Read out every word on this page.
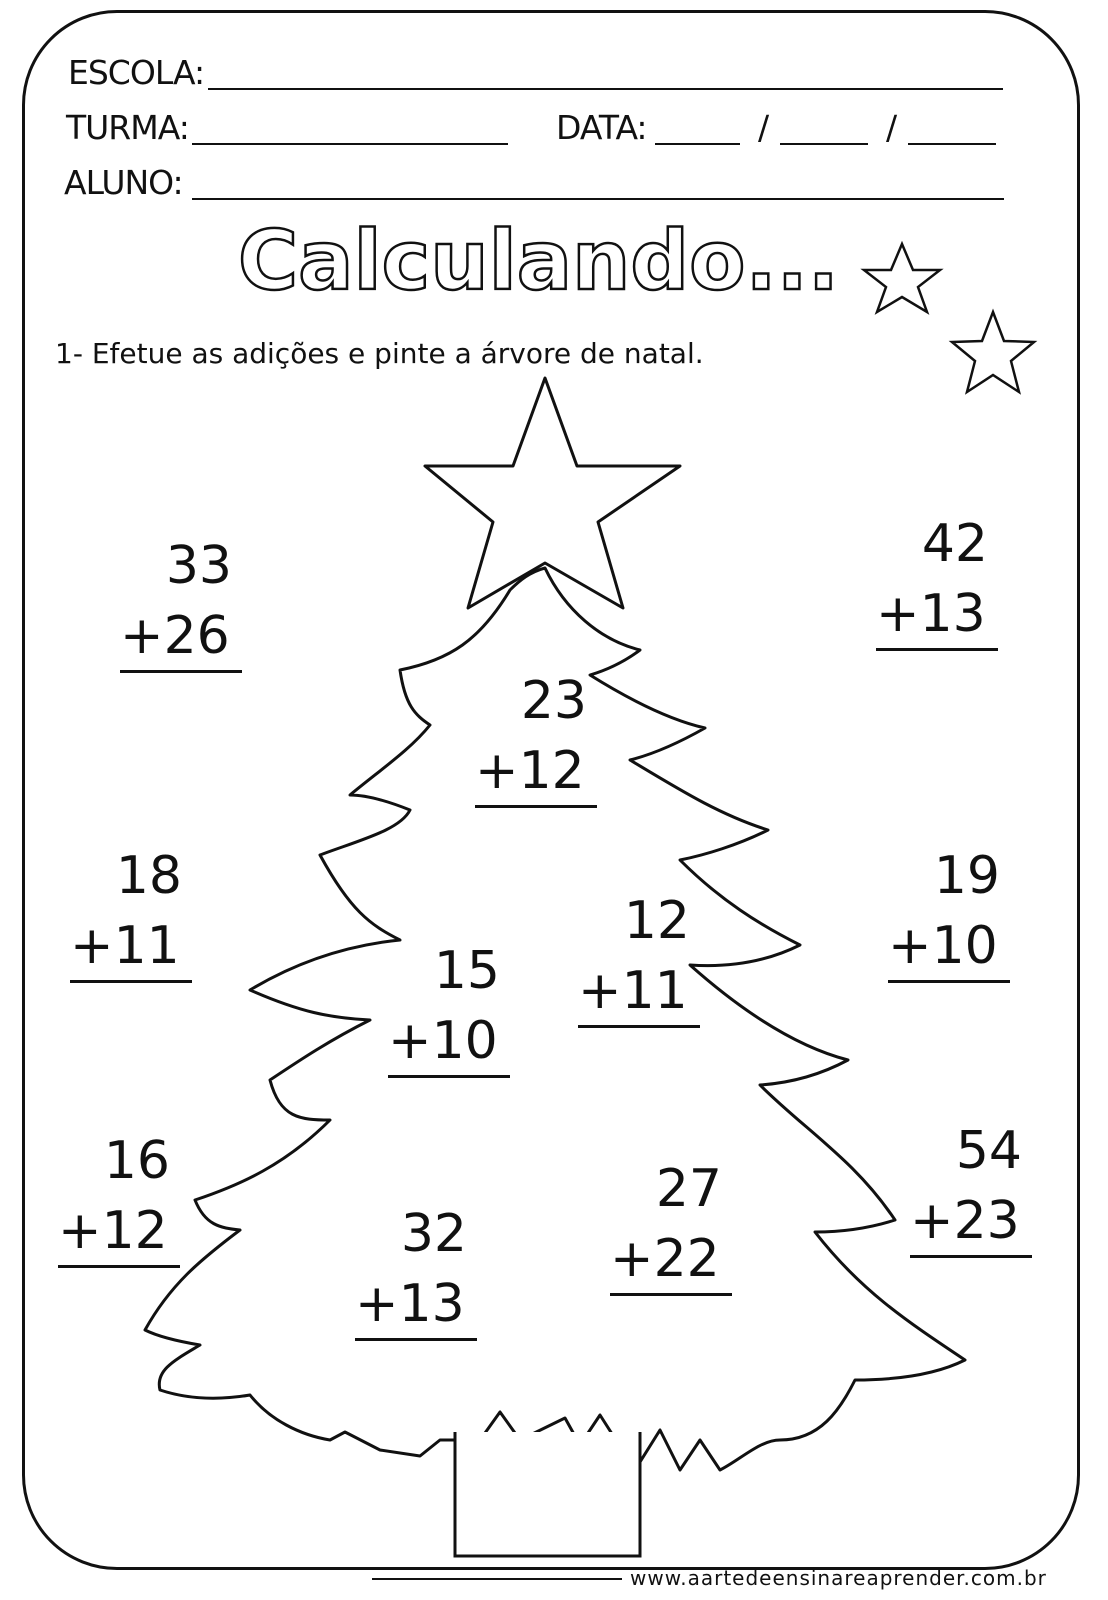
ESCOLA:
TURMA:	DATA:	/	/
ALUNO:
Calculando...
1- Efetue as adições e pinte a árvore de natal.
33
+26
42
+13
23
+12
18
+11
19
+10
12
+11
15
+10
16
+12
54
+23
27
+22
32
+13
www.aartedeensinareaprender.com.br
